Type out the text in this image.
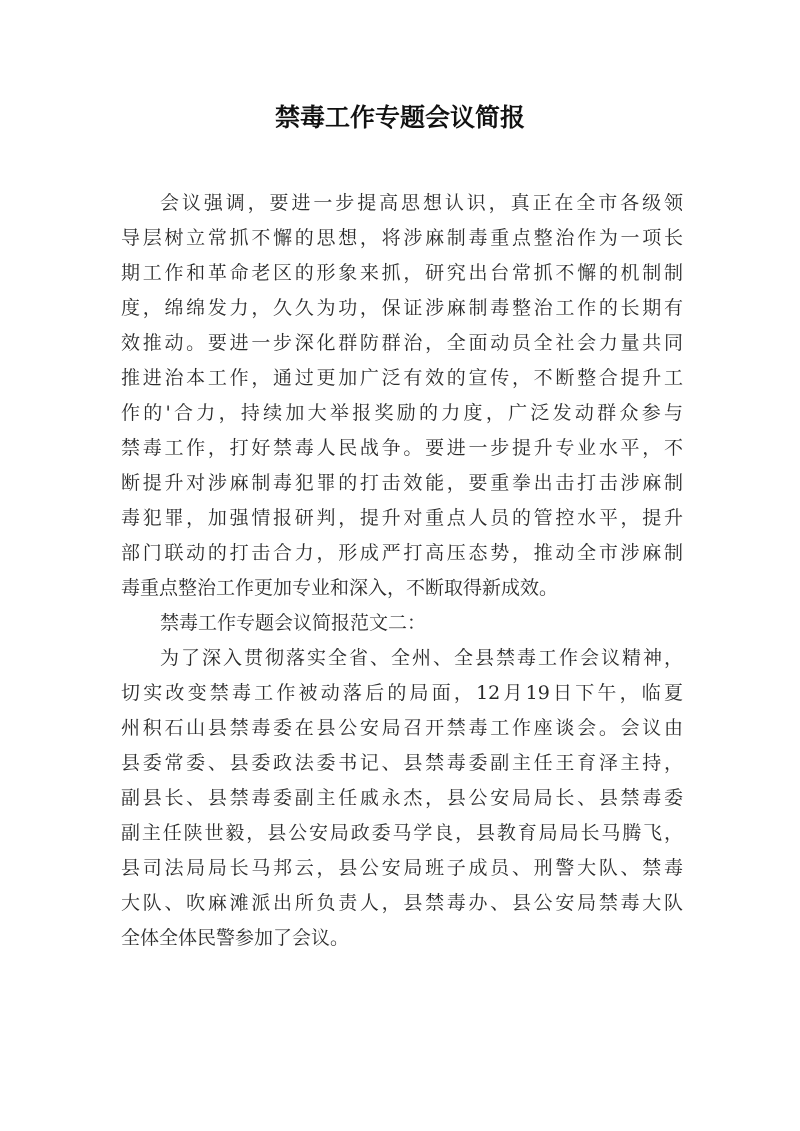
禁毒工作专题会议简报
会议强调，要进一步提高思想认识，真正在全市各级领
导层树立常抓不懈的思想，将涉麻制毒重点整治作为一项长
期工作和革命老区的形象来抓，研究出台常抓不懈的机制制
度，绵绵发力，久久为功，保证涉麻制毒整治工作的长期有
效推动。要进一步深化群防群治，全面动员全社会力量共同
推进治本工作，通过更加广泛有效的宣传，不断整合提升工
作的'合力，持续加大举报奖励的力度，广泛发动群众参与
禁毒工作，打好禁毒人民战争。要进一步提升专业水平，不
断提升对涉麻制毒犯罪的打击效能，要重拳出击打击涉麻制
毒犯罪，加强情报研判，提升对重点人员的管控水平，提升
部门联动的打击合力，形成严打高压态势，推动全市涉麻制
毒重点整治工作更加专业和深入，不断取得新成效。
禁毒工作专题会议简报范文二：
为了深入贯彻落实全省、全州、全县禁毒工作会议精神，
切实改变禁毒工作被动落后的局面，12月19日下午，临夏
州积石山县禁毒委在县公安局召开禁毒工作座谈会。会议由
县委常委、县委政法委书记、县禁毒委副主任王育泽主持，
副县长、县禁毒委副主任戚永杰，县公安局局长、县禁毒委
副主任陕世毅，县公安局政委马学良，县教育局局长马腾飞，
县司法局局长马邦云，县公安局班子成员、刑警大队、禁毒
大队、吹麻滩派出所负责人，县禁毒办、县公安局禁毒大队
全体全体民警参加了会议。
